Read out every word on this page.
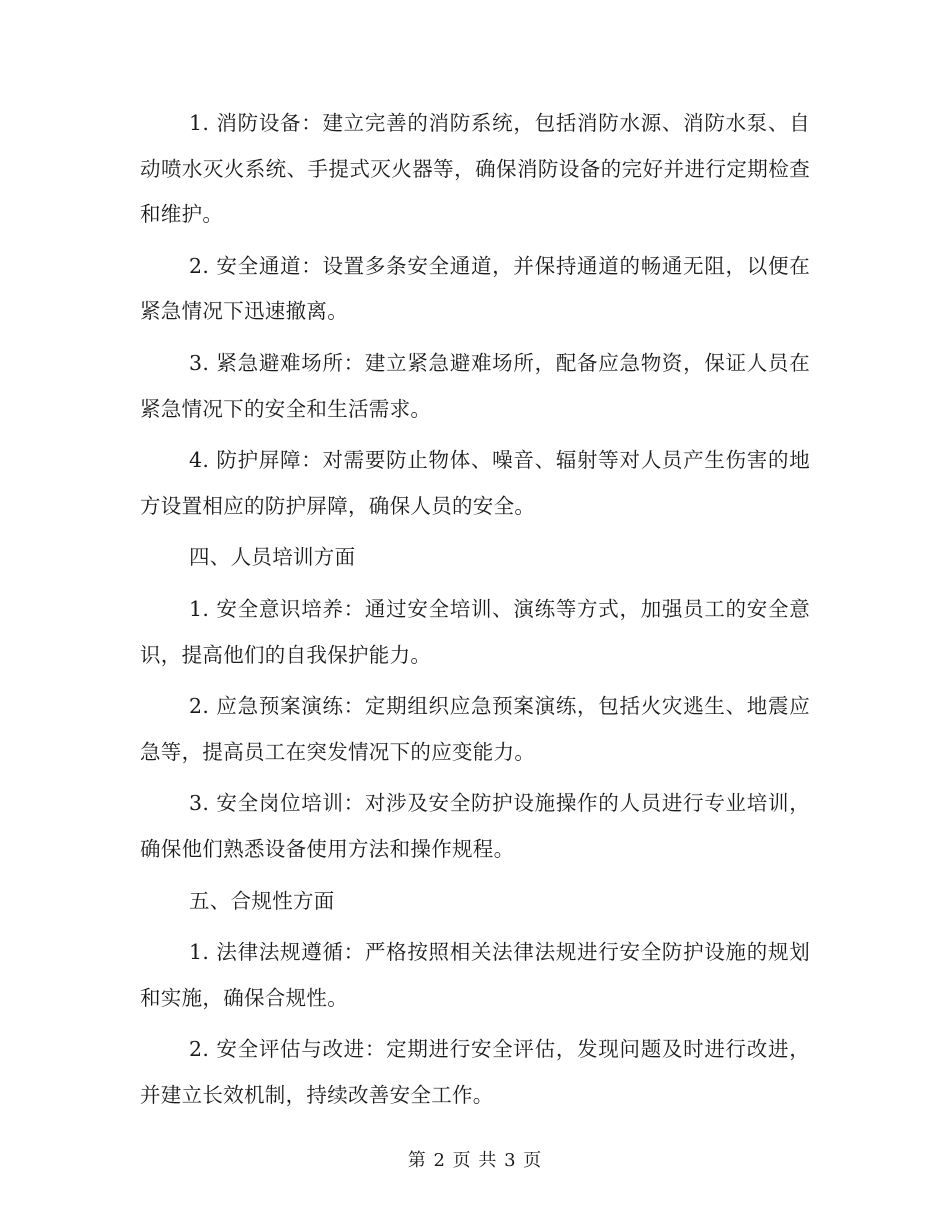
1. 消防设备：建立完善的消防系统，包括消防水源、消防水泵、自动喷水灭火系统、手提式灭火器等，确保消防设备的完好并进行定期检查和维护。

2. 安全通道：设置多条安全通道，并保持通道的畅通无阻，以便在紧急情况下迅速撤离。

3. 紧急避难场所：建立紧急避难场所，配备应急物资，保证人员在紧急情况下的安全和生活需求。

4. 防护屏障：对需要防止物体、噪音、辐射等对人员产生伤害的地方设置相应的防护屏障，确保人员的安全。

四、人员培训方面

1. 安全意识培养：通过安全培训、演练等方式，加强员工的安全意识，提高他们的自我保护能力。

2. 应急预案演练：定期组织应急预案演练，包括火灾逃生、地震应急等，提高员工在突发情况下的应变能力。

3. 安全岗位培训：对涉及安全防护设施操作的人员进行专业培训，确保他们熟悉设备使用方法和操作规程。

五、合规性方面

1. 法律法规遵循：严格按照相关法律法规进行安全防护设施的规划和实施，确保合规性。

2. 安全评估与改进：定期进行安全评估，发现问题及时进行改进，并建立长效机制，持续改善安全工作。

第 2 页 共 3 页
